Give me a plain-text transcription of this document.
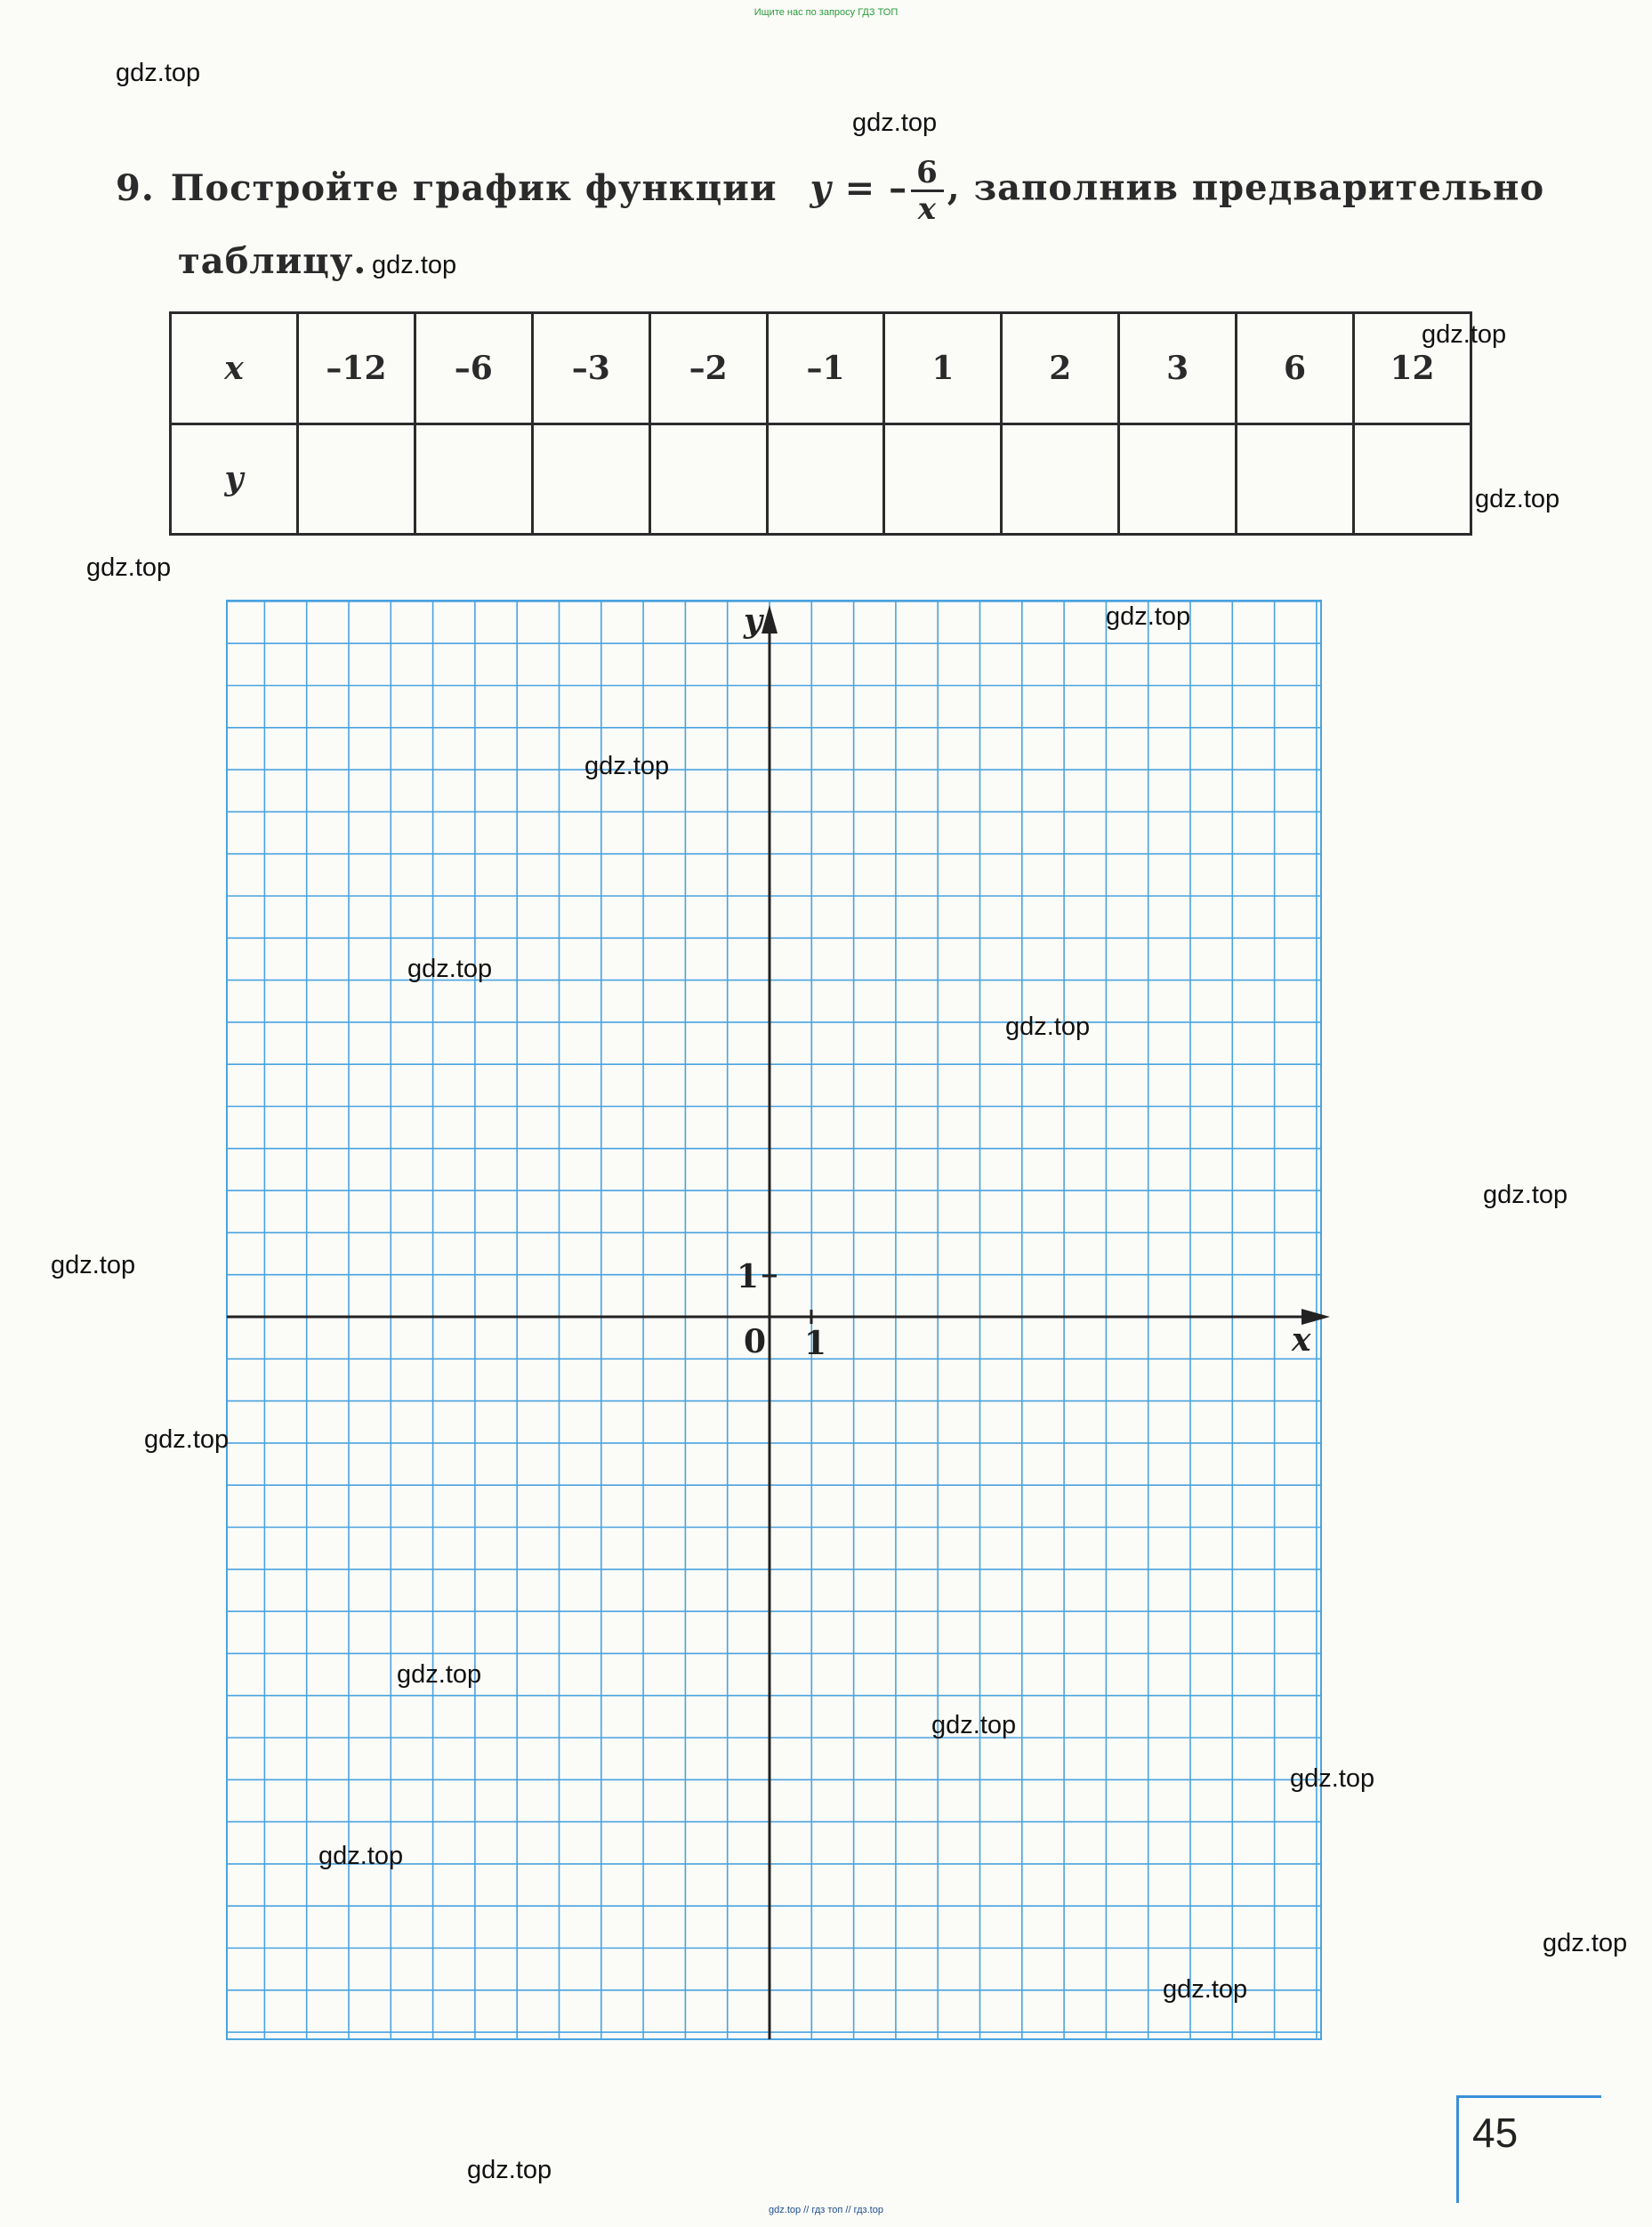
Ищите нас по запросу ГДЗ ТОП
9. Постройте график функции y = – $\frac{6}{x}$ , заполнив предварительно
таблицу.
x	–12	–6	–3	–2	–1	1	2	3	6	12
y										
y
x
0 1
1
45
gdz.top
gdz.top
gdz.top
gdz.top
gdz.top
gdz.top
gdz.top
gdz.top
gdz.top
gdz.top
gdz.top
gdz.top
gdz.top
gdz.top
gdz.top
gdz.top
gdz.top
gdz.top
gdz.top
gdz.top
gdz.top // гдз топ // гдз.top
